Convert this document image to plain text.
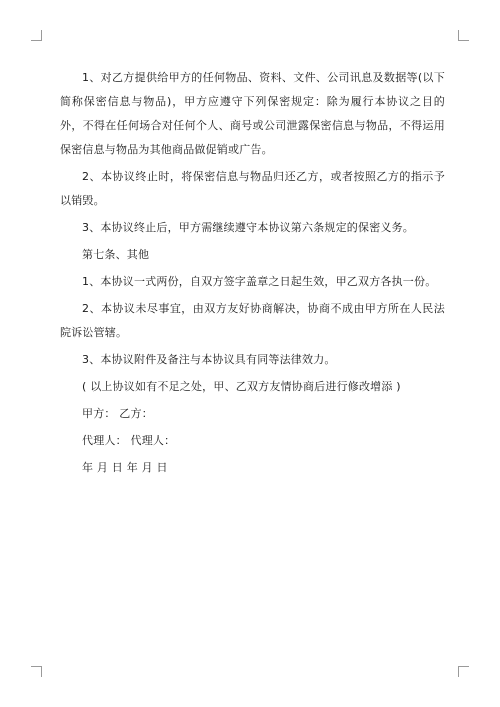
1、对乙方提供给甲方的任何物品、资料、文件、公司讯息及数据等(以下简称保密信息与物品)，甲方应遵守下列保密规定：除为履行本协议之目的外，不得在任何场合对任何个人、商号或公司泄露保密信息与物品，不得运用保密信息与物品为其他商品做促销或广告。

2、本协议终止时，将保密信息与物品归还乙方，或者按照乙方的指示予以销毁。

3、本协议终止后，甲方需继续遵守本协议第六条规定的保密义务。

第七条、其他

1、本协议一式两份，自双方签字盖章之日起生效，甲乙双方各执一份。

2、本协议未尽事宜，由双方友好协商解决，协商不成由甲方所在人民法院诉讼管辖。

3、本协议附件及备注与本协议具有同等法律效力。

( 以上协议如有不足之处，甲、乙双方友情协商后进行修改增添 )

甲方： 乙方：

代理人： 代理人：

年 月 日 年 月 日
